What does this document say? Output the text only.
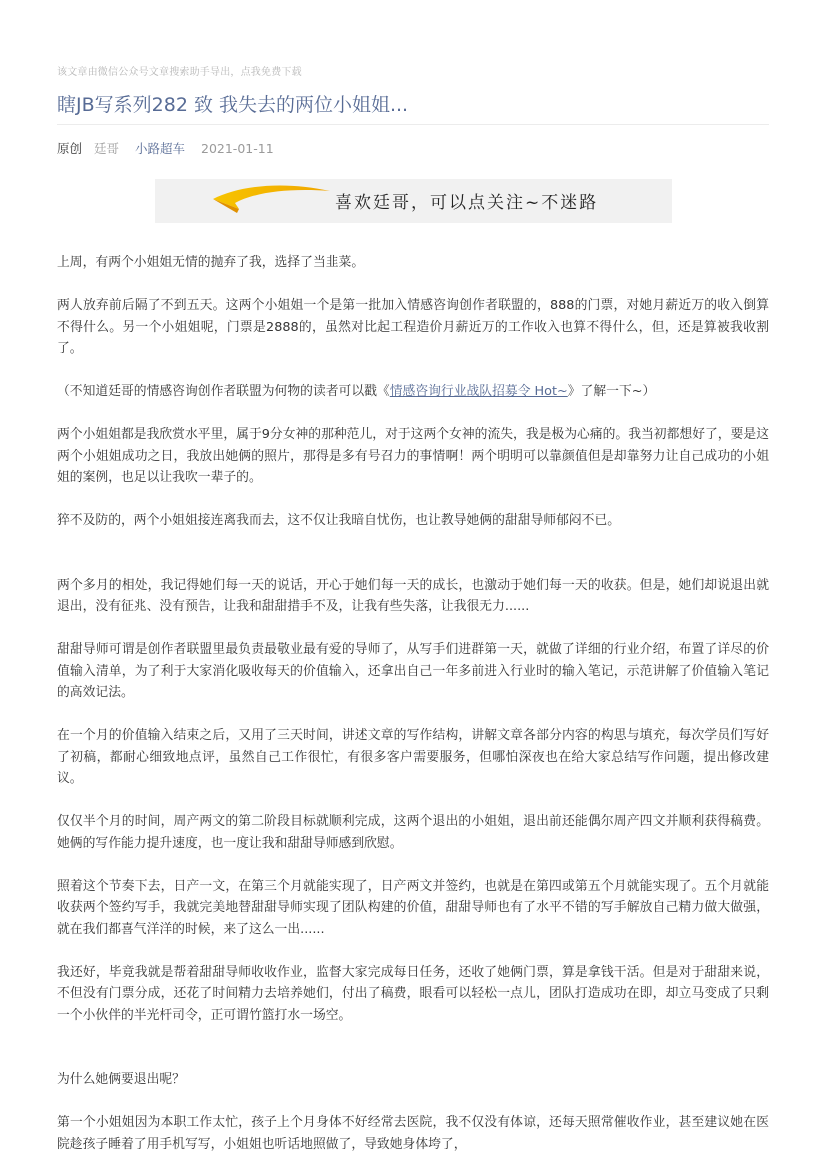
该文章由微信公众号文章搜索助手导出，点我免费下载
瞎JB写系列282 致 我失去的两位小姐姐...
原创 廷哥 小路超车 2021-01-11
喜欢廷哥，可以点关注~不迷路

上周，有两个小姐姐无情的抛弃了我，选择了当韭菜。

两人放弃前后隔了不到五天。这两个小姐姐一个是第一批加入情感咨询创作者联盟的，888的门票，对她月薪近万的收入倒算不得什么。另一个小姐姐呢，门票是2888的，虽然对比起工程造价月薪近万的工作收入也算不得什么，但，还是算被我收割了。

（不知道廷哥的情感咨询创作者联盟为何物的读者可以戳《情感咨询行业战队招募令 Hot~》了解一下~）

两个小姐姐都是我欣赏水平里，属于9分女神的那种范儿，对于这两个女神的流失，我是极为心痛的。我当初都想好了，要是这两个小姐姐成功之日，我放出她俩的照片，那得是多有号召力的事情啊！两个明明可以靠颜值但是却靠努力让自己成功的小姐姐的案例，也足以让我吹一辈子的。

猝不及防的，两个小姐姐接连离我而去，这不仅让我暗自忧伤，也让教导她俩的甜甜导师郁闷不已。

两个多月的相处，我记得她们每一天的说话，开心于她们每一天的成长，也激动于她们每一天的收获。但是，她们却说退出就退出，没有征兆、没有预告，让我和甜甜措手不及，让我有些失落，让我很无力......

甜甜导师可谓是创作者联盟里最负责最敬业最有爱的导师了，从写手们进群第一天，就做了详细的行业介绍，布置了详尽的价值输入清单，为了利于大家消化吸收每天的价值输入，还拿出自己一年多前进入行业时的输入笔记，示范讲解了价值输入笔记的高效记法。

在一个月的价值输入结束之后，又用了三天时间，讲述文章的写作结构，讲解文章各部分内容的构思与填充，每次学员们写好了初稿，都耐心细致地点评，虽然自己工作很忙，有很多客户需要服务，但哪怕深夜也在给大家总结写作问题，提出修改建议。

仅仅半个月的时间，周产两文的第二阶段目标就顺利完成，这两个退出的小姐姐，退出前还能偶尔周产四文并顺利获得稿费。她俩的写作能力提升速度，也一度让我和甜甜导师感到欣慰。

照着这个节奏下去，日产一文，在第三个月就能实现了，日产两文并签约，也就是在第四或第五个月就能实现了。五个月就能收获两个签约写手，我就完美地替甜甜导师实现了团队构建的价值，甜甜导师也有了水平不错的写手解放自己精力做大做强，就在我们都喜气洋洋的时候，来了这么一出......

我还好，毕竟我就是帮着甜甜导师收收作业，监督大家完成每日任务，还收了她俩门票，算是拿钱干活。但是对于甜甜来说，不但没有门票分成，还花了时间精力去培养她们，付出了稿费，眼看可以轻松一点儿，团队打造成功在即，却立马变成了只剩一个小伙伴的半光杆司令，正可谓竹篮打水一场空。

为什么她俩要退出呢？

第一个小姐姐因为本职工作太忙，孩子上个月身体不好经常去医院，我不仅没有体谅，还每天照常催收作业，甚至建议她在医院趁孩子睡着了用手机写写，小姐姐也听话地照做了，导致她身体垮了，
